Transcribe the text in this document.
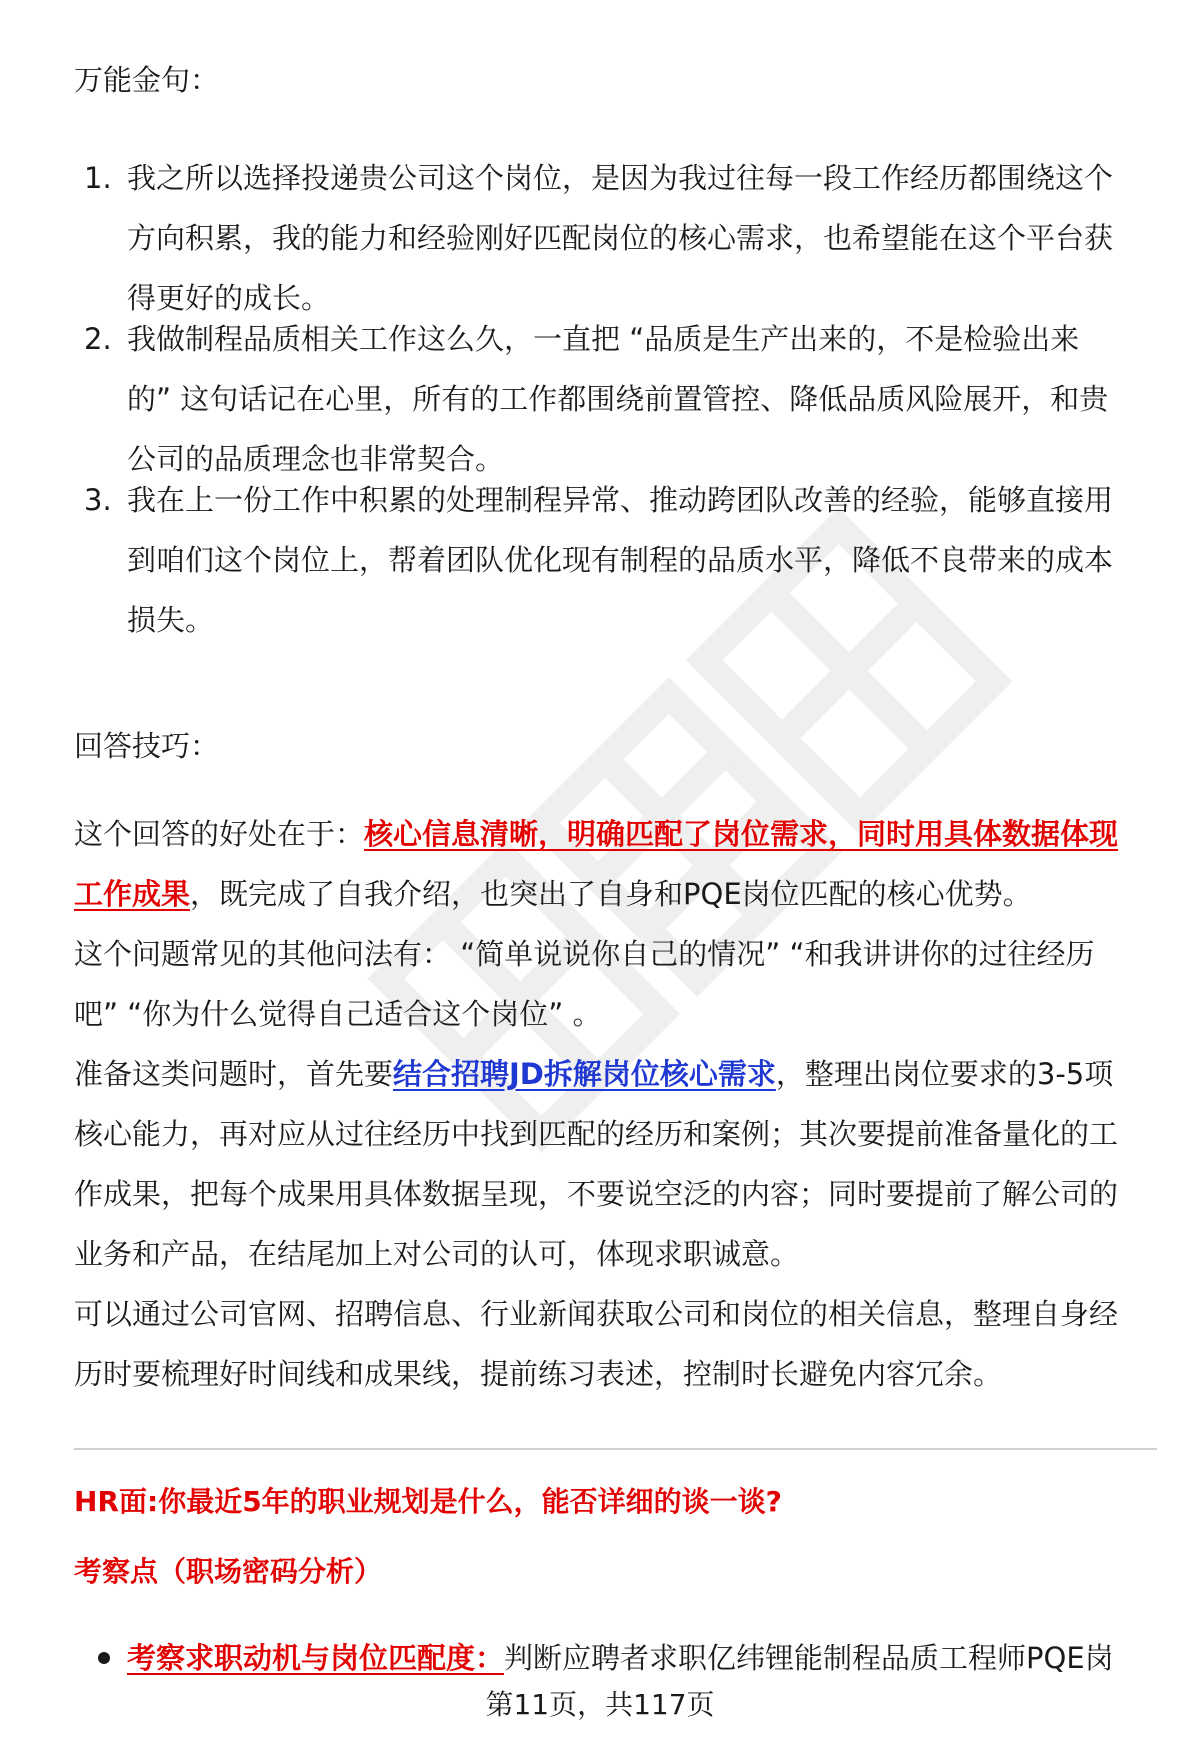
万能金句：

1. 我之所以选择投递贵公司这个岗位，是因为我过往每一段工作经历都围绕这个
方向积累，我的能力和经验刚好匹配岗位的核心需求，也希望能在这个平台获
得更好的成长。
2. 我做制程品质相关工作这么久，一直把 “品质是生产出来的，不是检验出来
的” 这句话记在心里，所有的工作都围绕前置管控、降低品质风险展开，和贵
公司的品质理念也非常契合。
3. 我在上一份工作中积累的处理制程异常、推动跨团队改善的经验，能够直接用
到咱们这个岗位上，帮着团队优化现有制程的品质水平，降低不良带来的成本
损失。

回答技巧：

这个回答的好处在于：核心信息清晰，明确匹配了岗位需求，同时用具体数据体现

工作成果，既完成了自我介绍，也突出了自身和PQE岗位匹配的核心优势。

这个问题常见的其他问法有： “简单说说你自己的情况” “和我讲讲你的过往经历

吧” “你为什么觉得自己适合这个岗位” 。

准备这类问题时，首先要结合招聘JD拆解岗位核心需求，整理出岗位要求的3-5项

核心能力，再对应从过往经历中找到匹配的经历和案例；其次要提前准备量化的工

作成果，把每个成果用具体数据呈现，不要说空泛的内容；同时要提前了解公司的

业务和产品，在结尾加上对公司的认可，体现求职诚意。

可以通过公司官网、招聘信息、行业新闻获取公司和岗位的相关信息，整理自身经

历时要梳理好时间线和成果线，提前练习表述，控制时长避免内容冗余。

HR面:你最近5年的职业规划是什么，能否详细的谈一谈?

考察点（职场密码分析）

考察求职动机与岗位匹配度：判断应聘者求职亿纬锂能制程品质工程师PQE岗

第11页，共117页
